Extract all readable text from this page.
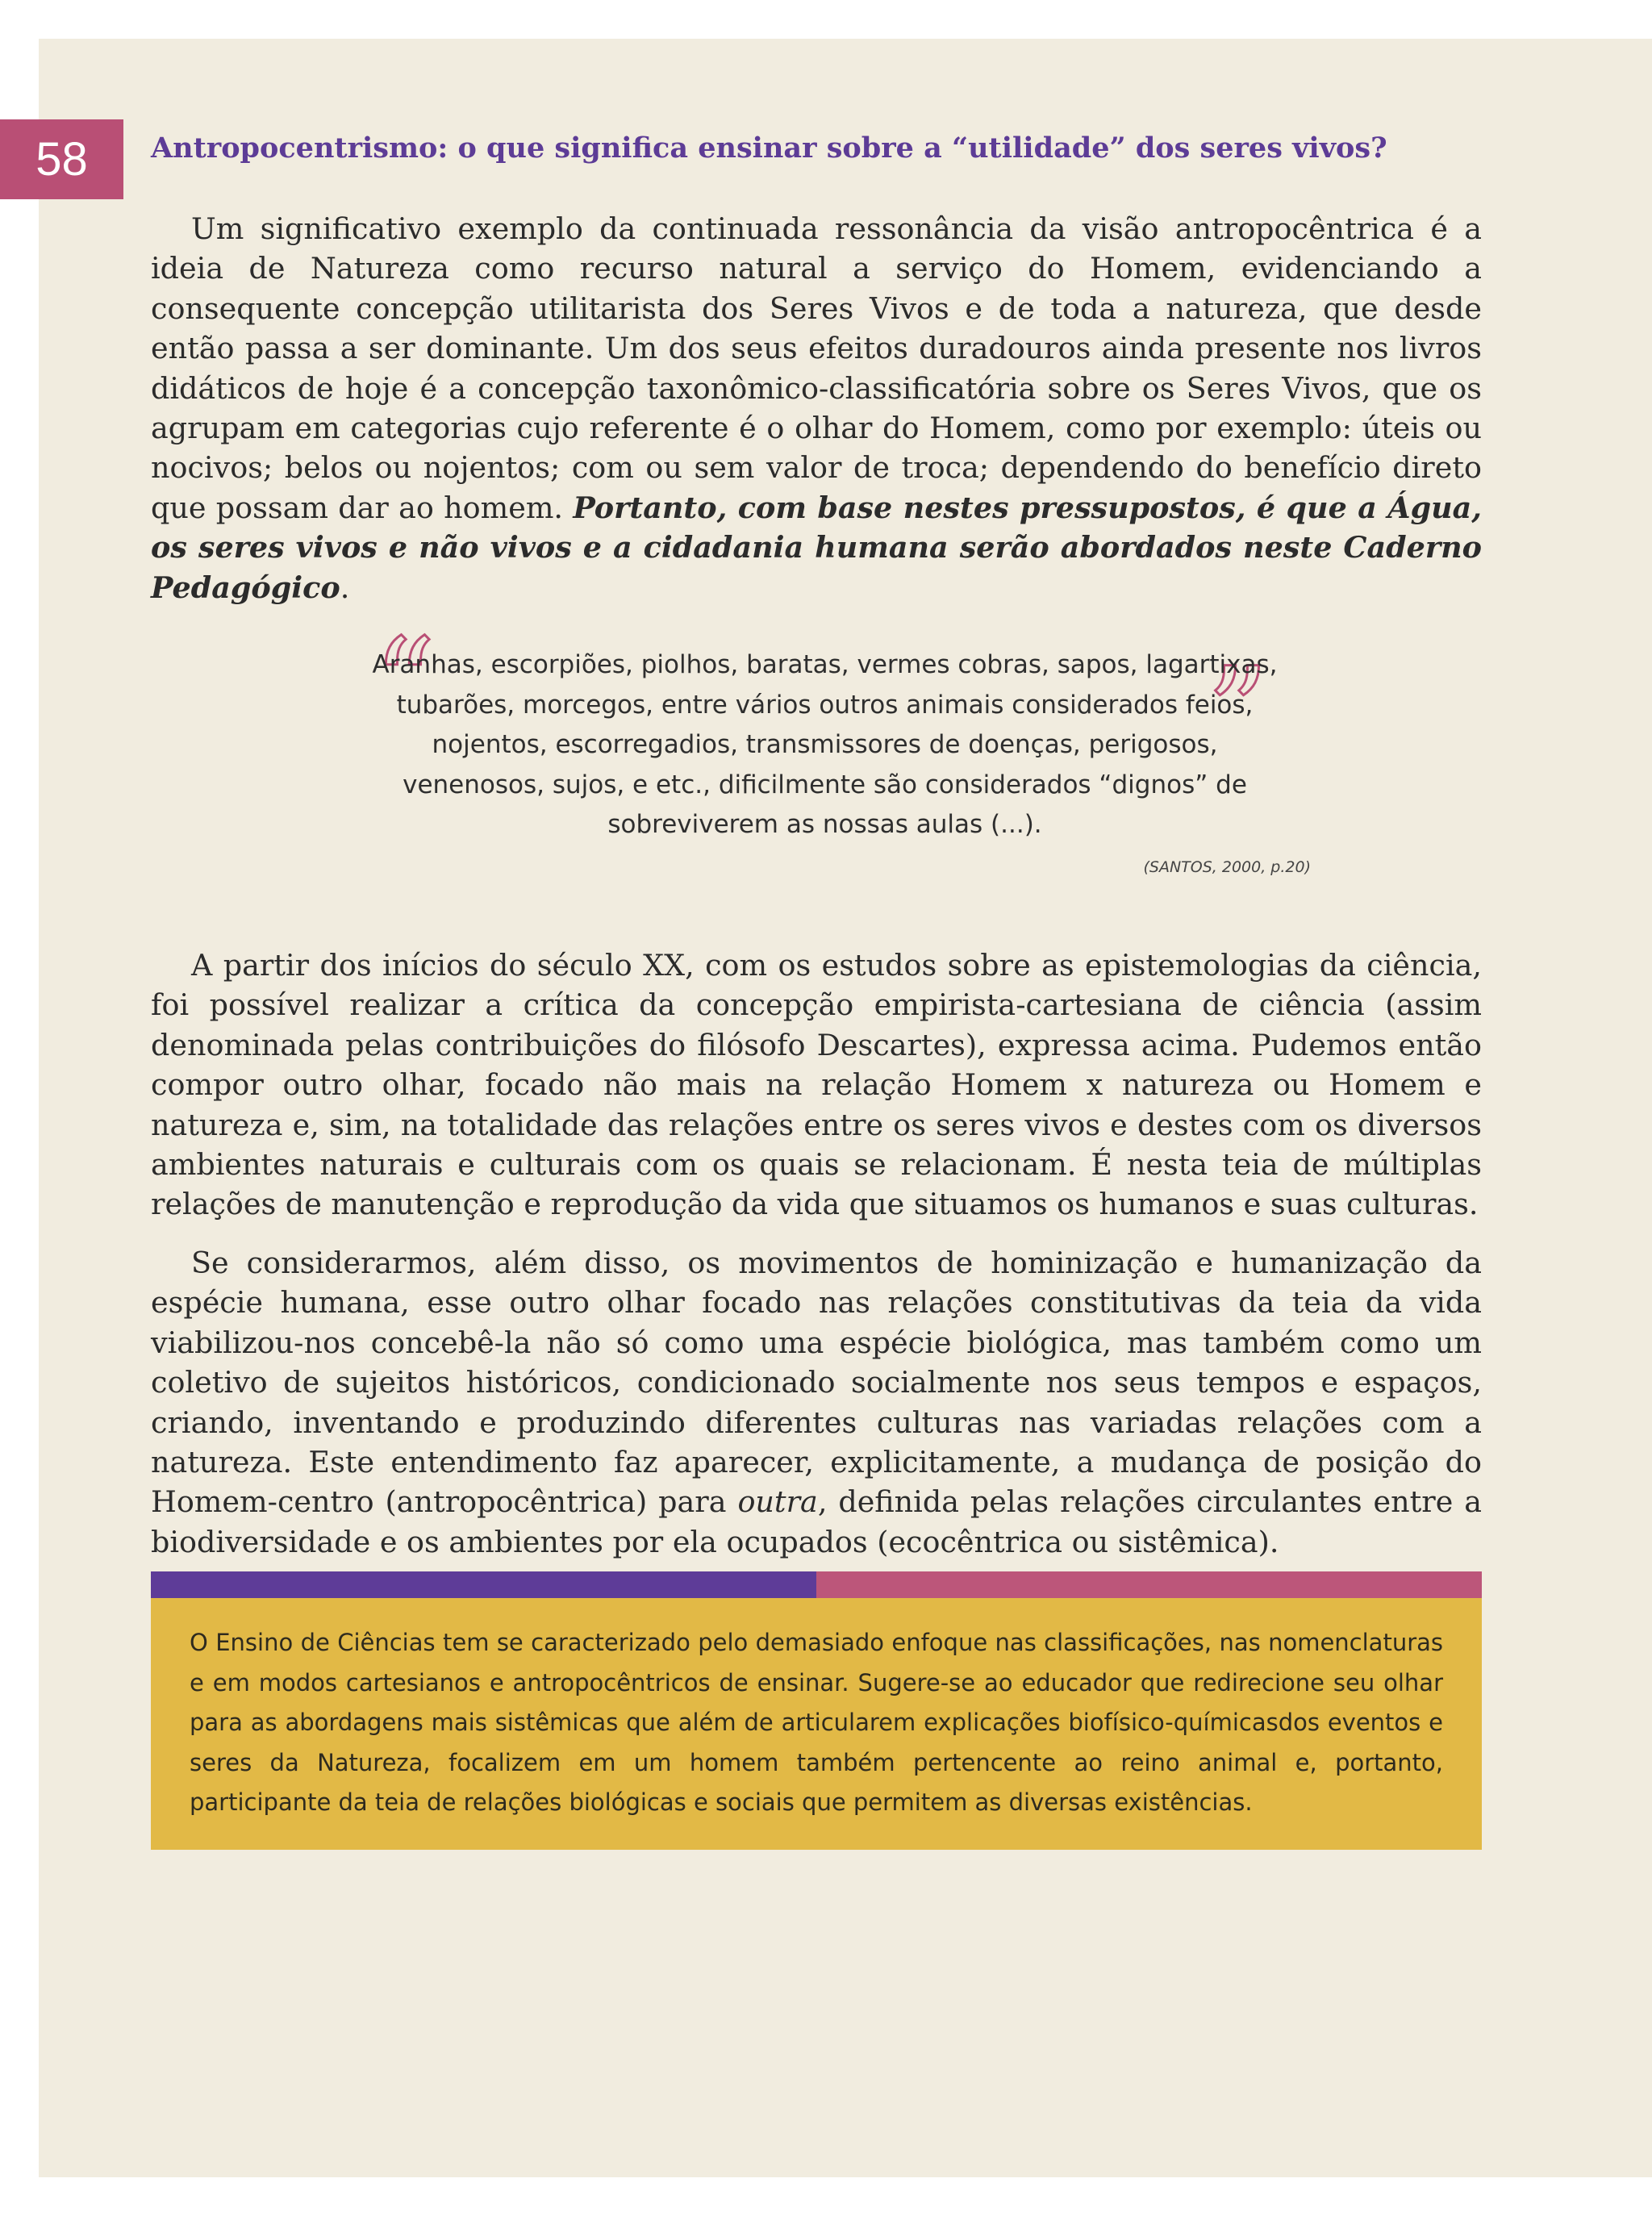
58	Antropocentrismo: o que significa ensinar sobre a “utilidade” dos seres vivos?

Um significativo exemplo da continuada ressonância da visão antropocêntrica é a ideia de Natureza como recurso natural a serviço do Homem, evidenciando a consequente concepção utilitarista dos Seres Vivos e de toda a natureza, que desde então passa a ser dominante. Um dos seus efeitos duradouros ainda presente nos livros didáticos de hoje é a concepção taxonômico-classificatória sobre os Seres Vivos, que os agrupam em categorias cujo referente é o olhar do Homem, como por exemplo: úteis ou nocivos; belos ou nojentos; com ou sem valor de troca; dependendo do benefício direto que possam dar ao homem. Portanto, com base nestes pressupostos, é que a Água, os seres vivos e não vivos e a cidadania humana serão abordados neste Caderno Pedagógico.

“	”
Aranhas, escorpiões, piolhos, baratas, vermes cobras, sapos, lagartixas, tubarões, morcegos, entre vários outros animais considerados feios, nojentos, escorregadios, transmissores de doenças, perigosos, venenosos, sujos, e etc., dificilmente são considerados “dignos” de sobreviverem as nossas aulas (...).
(SANTOS, 2000, p.20)

A partir dos inícios do século XX, com os estudos sobre as epistemologias da ciência, foi possível realizar a crítica da concepção empirista-cartesiana de ciência (assim denominada pelas contribuições do filósofo Descartes), expressa acima. Pudemos então compor outro olhar, focado não mais na relação Homem x natureza ou Homem e natureza e, sim, na totalidade das relações entre os seres vivos e destes com os diversos ambientes naturais e culturais com os quais se relacionam. É nesta teia de múltiplas relações de manutenção e reprodução da vida que situamos os humanos e suas culturas.

Se considerarmos, além disso, os movimentos de hominização e humanização da espécie humana, esse outro olhar focado nas relações constitutivas da teia da vida viabilizou-nos concebê-la não só como uma espécie biológica, mas também como um coletivo de sujeitos históricos, condicionado socialmente nos seus tempos e espaços, criando, inventando e produzindo diferentes culturas nas variadas relações com a natureza. Este entendimento faz aparecer, explicitamente, a mudança de posição do Homem-centro (antropocêntrica) para outra, definida pelas relações circulantes entre a biodiversidade e os ambientes por ela ocupados (ecocêntrica ou sistêmica).

O Ensino de Ciências tem se caracterizado pelo demasiado enfoque nas classificações, nas nomenclaturas e em modos cartesianos e antropocêntricos de ensinar. Sugere-se ao educador que redirecione seu olhar para as abordagens mais sistêmicas que além de articularem explicações biofísico-químicasdos eventos e seres da Natureza, focalizem em um homem também pertencente ao reino animal e, portanto, participante da teia de relações biológicas e sociais que permitem as diversas existências.
